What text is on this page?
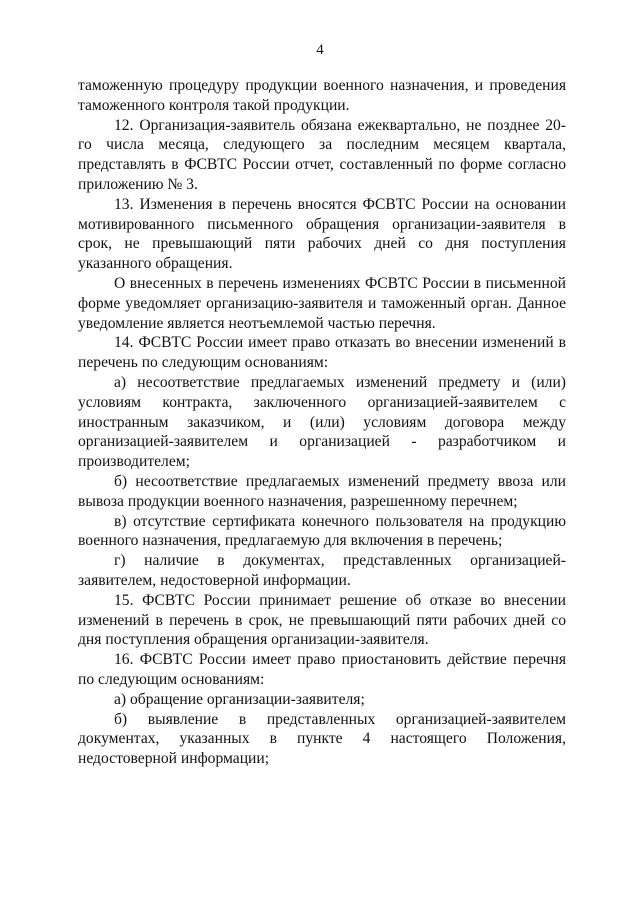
4

таможенную процедуру продукции военного назначения, и проведения таможенного контроля такой продукции.

12. Организация-заявитель обязана ежеквартально, не позднее 20-го числа месяца, следующего за последним месяцем квартала, представлять в ФСВТС России отчет, составленный по форме согласно приложению № 3.

13. Изменения в перечень вносятся ФСВТС России на основании мотивированного письменного обращения организации-заявителя в срок, не превышающий пяти рабочих дней со дня поступления указанного обращения.

О внесенных в перечень изменениях ФСВТС России в письменной форме уведомляет организацию-заявителя и таможенный орган. Данное уведомление является неотъемлемой частью перечня.

14. ФСВТС России имеет право отказать во внесении изменений в перечень по следующим основаниям:

а) несоответствие предлагаемых изменений предмету и (или) условиям контракта, заключенного организацией-заявителем с иностранным заказчиком, и (или) условиям договора между организацией-заявителем и организацией - разработчиком и производителем;

б) несоответствие предлагаемых изменений предмету ввоза или вывоза продукции военного назначения, разрешенному перечнем;

в) отсутствие сертификата конечного пользователя на продукцию военного назначения, предлагаемую для включения в перечень;

г) наличие в документах, представленных организацией-заявителем, недостоверной информации.

15. ФСВТС России принимает решение об отказе во внесении изменений в перечень в срок, не превышающий пяти рабочих дней со дня поступления обращения организации-заявителя.

16. ФСВТС России имеет право приостановить действие перечня по следующим основаниям:

а) обращение организации-заявителя;

б) выявление в представленных организацией-заявителем документах, указанных в пункте 4 настоящего Положения, недостоверной информации;
